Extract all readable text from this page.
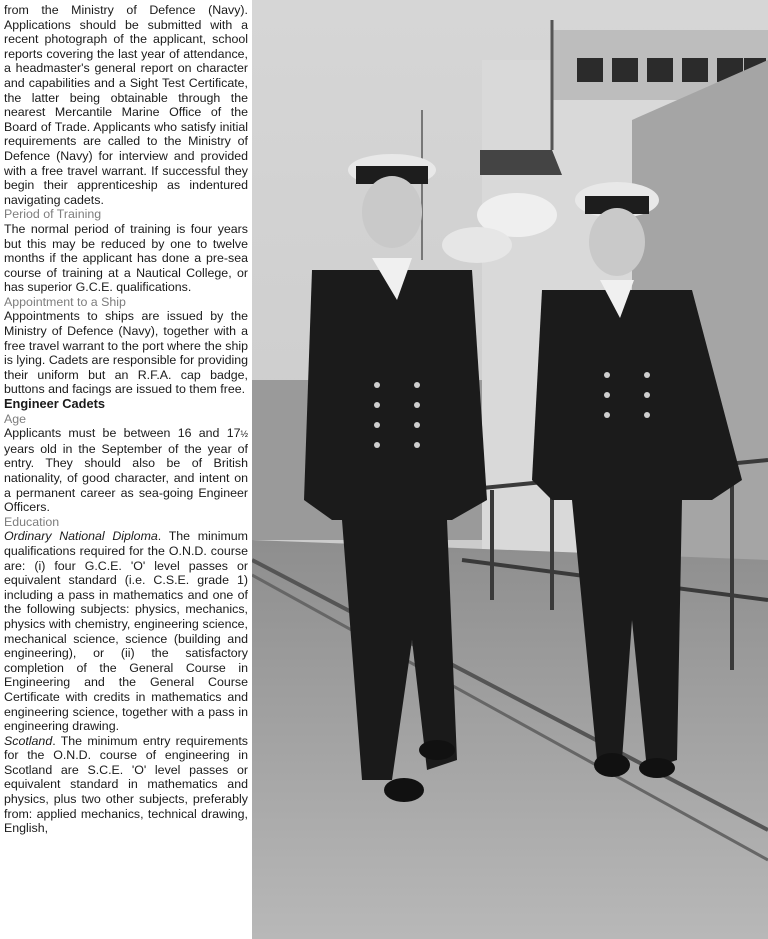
from the Ministry of Defence (Navy). Applications should be submitted with a recent photograph of the applicant, school reports covering the last year of attendance, a headmaster's general report on character and capabilities and a Sight Test Certificate, the latter being obtainable through the nearest Mercantile Marine Office of the Board of Trade. Applicants who satisfy initial requirements are called to the Ministry of Defence (Navy) for interview and provided with a free travel warrant. If successful they begin their apprenticeship as indentured navigating cadets.

Period of Training

The normal period of training is four years but this may be reduced by one to twelve months if the applicant has done a pre-sea course of training at a Nautical College, or has superior G.C.E. qualifications.

Appointment to a Ship

Appointments to ships are issued by the Ministry of Defence (Navy), together with a free travel warrant to the port where the ship is lying. Cadets are responsible for providing their uniform but an R.F.A. cap badge, buttons and facings are issued to them free.

Engineer Cadets

Age

Applicants must be between 16 and 17½ years old in the September of the year of entry. They should also be of British nationality, of good character, and intent on a permanent career as sea-going Engineer Officers.

Education

Ordinary National Diploma. The minimum qualifications required for the O.N.D. course are: (i) four G.C.E. 'O' level passes or equivalent standard (i.e. C.S.E. grade 1) including a pass in mathematics and one of the following subjects: physics, mechanics, physics with chemistry, engineering science, mechanical science, science (building and engineering), or (ii) the satisfactory completion of the General Course in Engineering and the General Course Certificate with credits in mathematics and engineering science, together with a pass in engineering drawing.

Scotland. The minimum entry requirements for the O.N.D. course of engineering in Scotland are S.C.E. 'O' level passes or equivalent standard in mathematics and physics, plus two other subjects, preferably from: applied mechanics, technical drawing, English,
